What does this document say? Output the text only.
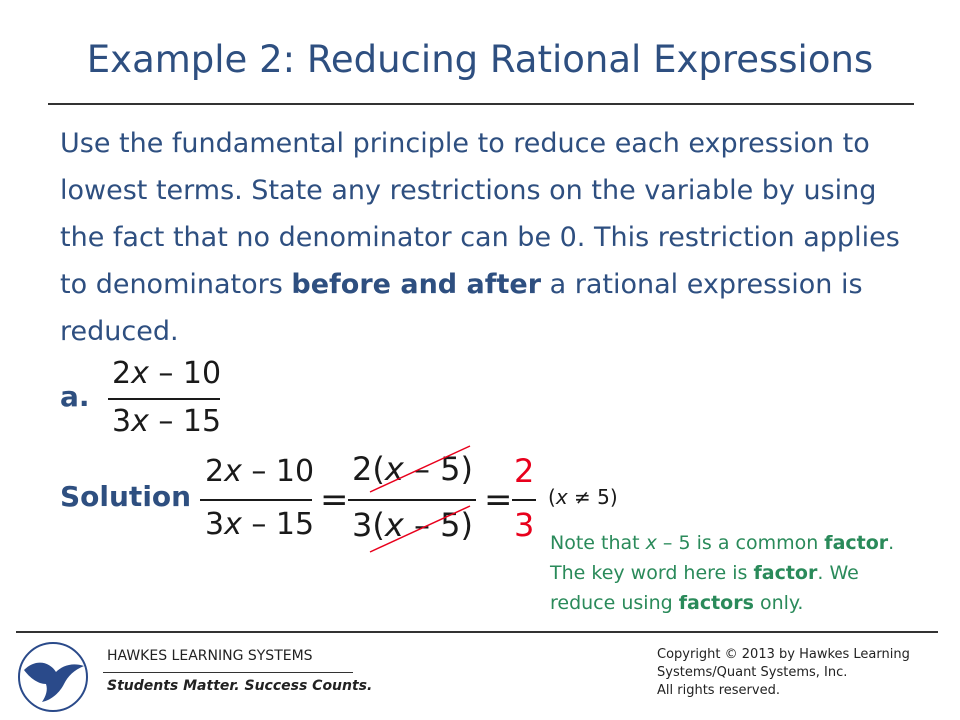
Example 2: Reducing Rational Expressions
Use the fundamental principle to reduce each expression to lowest terms. State any restrictions on the variable by using the fact that no denominator can be 0. This restriction applies to denominators before and after a rational expression is reduced.
a.
2x – 10
3x – 15
Solution
2x – 10
3x – 15
=
2(x – 5)
3(x – 5)
=
2
3
(x ≠ 5)
Note that x – 5 is a common factor.
The key word here is factor. We
reduce using factors only.
HAWKES LEARNING SYSTEMS
Students Matter. Success Counts.
Copyright © 2013 by Hawkes Learning
Systems/Quant Systems, Inc.
All rights reserved.
